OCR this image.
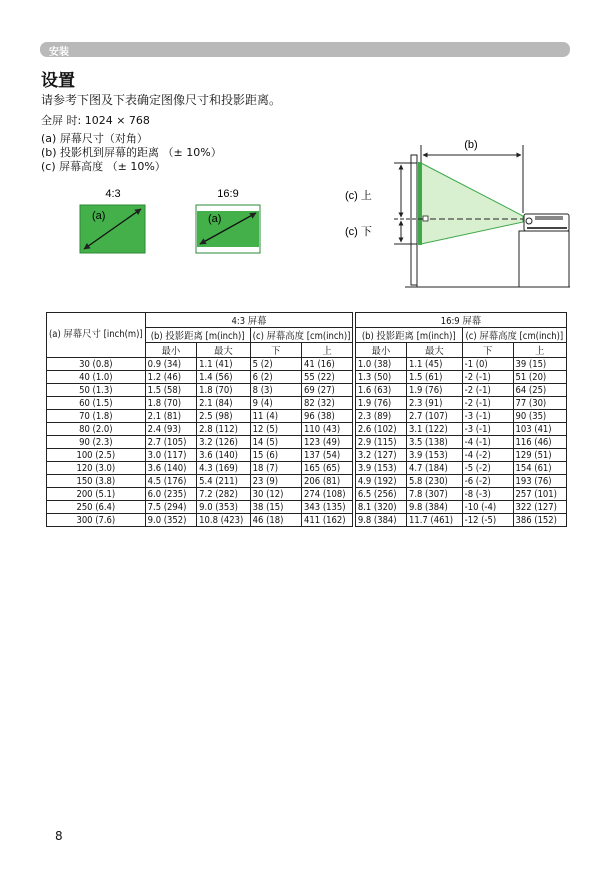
安装
设置
请参考下图及下表确定图像尺寸和投影距离。
全屏 时: 1024 × 768
(a) 屏幕尺寸（对角）
(b) 投影机到屏幕的距离 （± 10%）
(c) 屏幕高度 （± 10%）
4:3
(a)
16:9
(a)
(b)
(c) 上
(c) 下
(a) 屏幕尺寸 [inch(m)]	4:3 屏幕					16:9 屏幕			
	(b) 投影距离 [m(inch)]		(c) 屏幕高度 [cm(inch)]			(b) 投影距离 [m(inch)]		(c) 屏幕高度 [cm(inch)]	
	最小	最大	下	上		最小	最大	下	上
30 (0.8)	0.9 (34)	1.1 (41)	5 (2)	41 (16)		1.0 (38)	1.1 (45)	-1 (0)	39 (15)
40 (1.0)	1.2 (46)	1.4 (56)	6 (2)	55 (22)		1.3 (50)	1.5 (61)	-2 (-1)	51 (20)
50 (1.3)	1.5 (58)	1.8 (70)	8 (3)	69 (27)		1.6 (63)	1.9 (76)	-2 (-1)	64 (25)
60 (1.5)	1.8 (70)	2.1 (84)	9 (4)	82 (32)		1.9 (76)	2.3 (91)	-2 (-1)	77 (30)
70 (1.8)	2.1 (81)	2.5 (98)	11 (4)	96 (38)		2.3 (89)	2.7 (107)	-3 (-1)	90 (35)
80 (2.0)	2.4 (93)	2.8 (112)	12 (5)	110 (43)		2.6 (102)	3.1 (122)	-3 (-1)	103 (41)
90 (2.3)	2.7 (105)	3.2 (126)	14 (5)	123 (49)		2.9 (115)	3.5 (138)	-4 (-1)	116 (46)
100 (2.5)	3.0 (117)	3.6 (140)	15 (6)	137 (54)		3.2 (127)	3.9 (153)	-4 (-2)	129 (51)
120 (3.0)	3.6 (140)	4.3 (169)	18 (7)	165 (65)		3.9 (153)	4.7 (184)	-5 (-2)	154 (61)
150 (3.8)	4.5 (176)	5.4 (211)	23 (9)	206 (81)		4.9 (192)	5.8 (230)	-6 (-2)	193 (76)
200 (5.1)	6.0 (235)	7.2 (282)	30 (12)	274 (108)		6.5 (256)	7.8 (307)	-8 (-3)	257 (101)
250 (6.4)	7.5 (294)	9.0 (353)	38 (15)	343 (135)		8.1 (320)	9.8 (384)	-10 (-4)	322 (127)
300 (7.6)	9.0 (352)	10.8 (423)	46 (18)	411 (162)		9.8 (384)	11.7 (461)	-12 (-5)	386 (152)
8
